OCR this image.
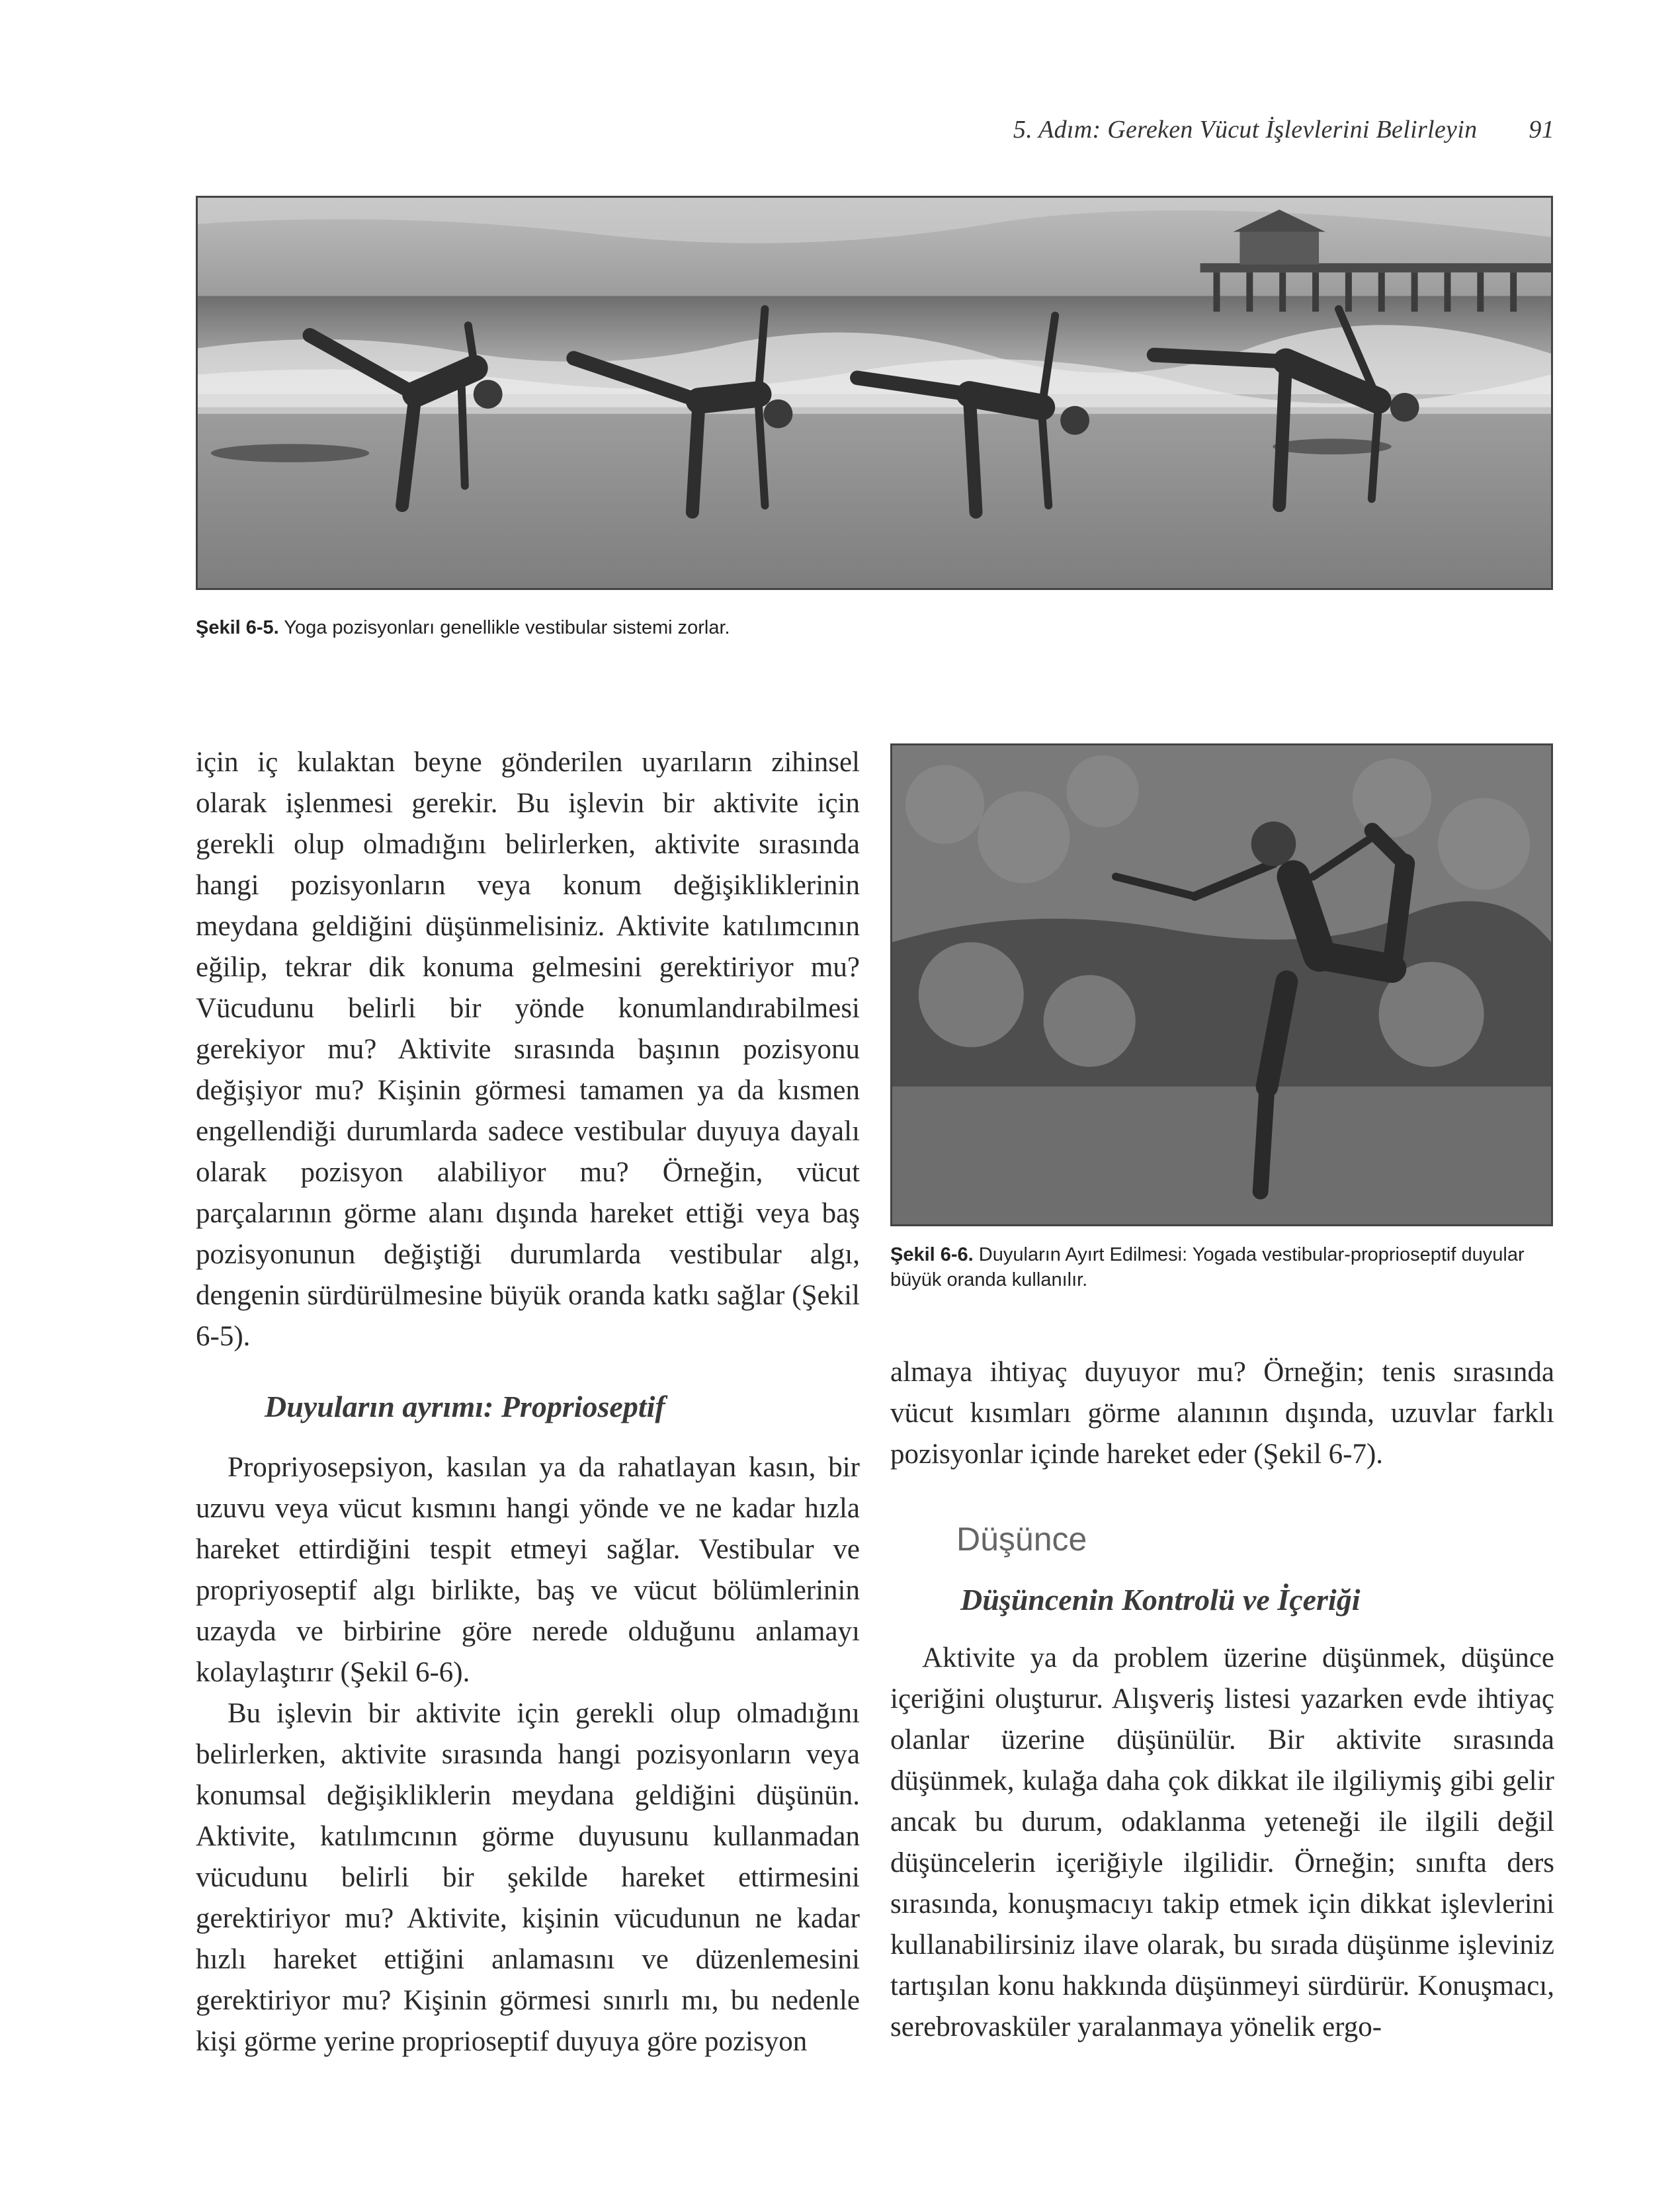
5. Adım: Gereken Vücut İşlevlerini Belirleyin 91
Şekil 6-5. Yoga pozisyonları genellikle vestibular sistemi zorlar.
Şekil 6-6. Duyuların Ayırt Edilmesi: Yogada vestibular-proprioseptif duyular büyük oranda kullanılır.

için iç kulaktan beyne gönderilen uyarıların zihinsel olarak işlenmesi gerekir. Bu işlevin bir aktivite için gerekli olup olmadığını belirlerken, aktivite sırasında hangi pozisyonların veya konum değişikliklerinin meydana geldiğini düşünmelisiniz. Aktivite katılımcının eğilip, tekrar dik konuma gelmesini gerektiriyor mu? Vücudunu belirli bir yönde konumlandırabilmesi gerekiyor mu? Aktivite sırasında başının pozisyonu değişiyor mu? Kişinin görmesi tamamen ya da kısmen engellendiği durumlarda sadece vestibular duyuya dayalı olarak pozisyon alabiliyor mu? Örneğin, vücut parçalarının görme alanı dışında hareket ettiği veya baş pozisyonunun değiştiği durumlarda vestibular algı, dengenin sürdürülmesine büyük oranda katkı sağlar (Şekil 6-5).

Duyuların ayrımı: Proprioseptif

Propriyosepsiyon, kasılan ya da rahatlayan kasın, bir uzuvu veya vücut kısmını hangi yönde ve ne kadar hızla hareket ettirdiğini tespit etmeyi sağlar. Vestibular ve propriyoseptif algı birlikte, baş ve vücut bölümlerinin uzayda ve birbirine göre nerede olduğunu anlamayı kolaylaştırır (Şekil 6-6).

Bu işlevin bir aktivite için gerekli olup olmadığını belirlerken, aktivite sırasında hangi pozisyonların veya konumsal değişikliklerin meydana geldiğini düşünün. Aktivite, katılımcının görme duyusunu kullanmadan vücudunu belirli bir şekilde hareket ettirmesini gerektiriyor mu? Aktivite, kişinin vücudunun ne kadar hızlı hareket ettiğini anlamasını ve düzenlemesini gerektiriyor mu? Kişinin görmesi sınırlı mı, bu nedenle kişi görme yerine proprioseptif duyuya göre pozisyon

almaya ihtiyaç duyuyor mu? Örneğin; tenis sırasında vücut kısımları görme alanının dışında, uzuvlar farklı pozisyonlar içinde hareket eder (Şekil 6-7).

Düşünce
Düşüncenin Kontrolü ve İçeriği

Aktivite ya da problem üzerine düşünmek, düşünce içeriğini oluşturur. Alışveriş listesi yazarken evde ihtiyaç olanlar üzerine düşünülür. Bir aktivite sırasında düşünmek, kulağa daha çok dikkat ile ilgiliymiş gibi gelir ancak bu durum, odaklanma yeteneği ile ilgili değil düşüncelerin içeriğiyle ilgilidir. Örneğin; sınıfta ders sırasında, konuşmacıyı takip etmek için dikkat işlevlerini kullanabilirsiniz ilave olarak, bu sırada düşünme işleviniz tartışılan konu hakkında düşünmeyi sürdürür. Konuşmacı, serebrovasküler yaralanmaya yönelik ergo-
